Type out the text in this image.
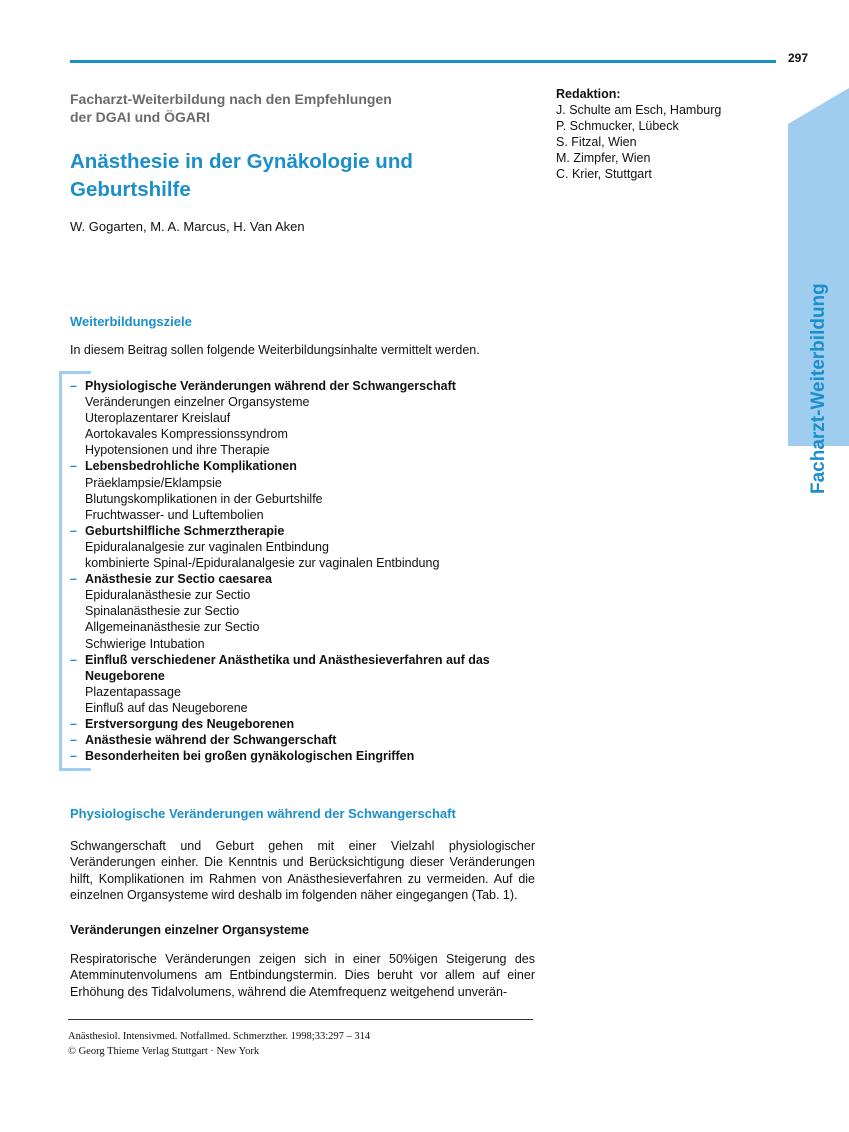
297
Facharzt-Weiterbildung nach den Empfehlungen
der DGAI und ÖGARI
Anästhesie in der Gynäkologie und
Geburtshilfe
W. Gogarten, M. A. Marcus, H. Van Aken
Redaktion:
J. Schulte am Esch, Hamburg
P. Schmucker, Lübeck
S. Fitzal, Wien
M. Zimpfer, Wien
C. Krier, Stuttgart
Facharzt-Weiterbildung
Weiterbildungsziele
In diesem Beitrag sollen folgende Weiterbildungsinhalte vermittelt werden.
– Physiologische Veränderungen während der Schwangerschaft
Veränderungen einzelner Organsysteme
Uteroplazentarer Kreislauf
Aortokavales Kompressionssyndrom
Hypotensionen und ihre Therapie
– Lebensbedrohliche Komplikationen
Präeklampsie/Eklampsie
Blutungskomplikationen in der Geburtshilfe
Fruchtwasser- und Luftembolien
– Geburtshilfliche Schmerztherapie
Epiduralanalgesie zur vaginalen Entbindung
kombinierte Spinal-/Epiduralanalgesie zur vaginalen Entbindung
– Anästhesie zur Sectio caesarea
Epiduralanästhesie zur Sectio
Spinalanästhesie zur Sectio
Allgemeinanästhesie zur Sectio
Schwierige Intubation
– Einfluß verschiedener Anästhetika und Anästhesieverfahren auf das Neugeborene
Plazentapassage
Einfluß auf das Neugeborene
– Erstversorgung des Neugeborenen
– Anästhesie während der Schwangerschaft
– Besonderheiten bei großen gynäkologischen Eingriffen
Physiologische Veränderungen während der Schwangerschaft
Schwangerschaft und Geburt gehen mit einer Vielzahl physiologischer Veränderungen einher. Die Kenntnis und Berücksichtigung dieser Veränderungen hilft, Komplikationen im Rahmen von Anästhesieverfahren zu vermeiden. Auf die einzelnen Organsysteme wird deshalb im folgenden näher eingegangen (Tab. 1).
Veränderungen einzelner Organsysteme
Respiratorische Veränderungen zeigen sich in einer 50%igen Steigerung des Atemminutenvolumens am Entbindungstermin. Dies beruht vor allem auf einer Erhöhung des Tidalvolumens, während die Atemfrequenz weitgehend unverän-
Anästhesiol. Intensivmed. Notfallmed. Schmerzther. 1998;33:297 – 314
© Georg Thieme Verlag Stuttgart · New York
